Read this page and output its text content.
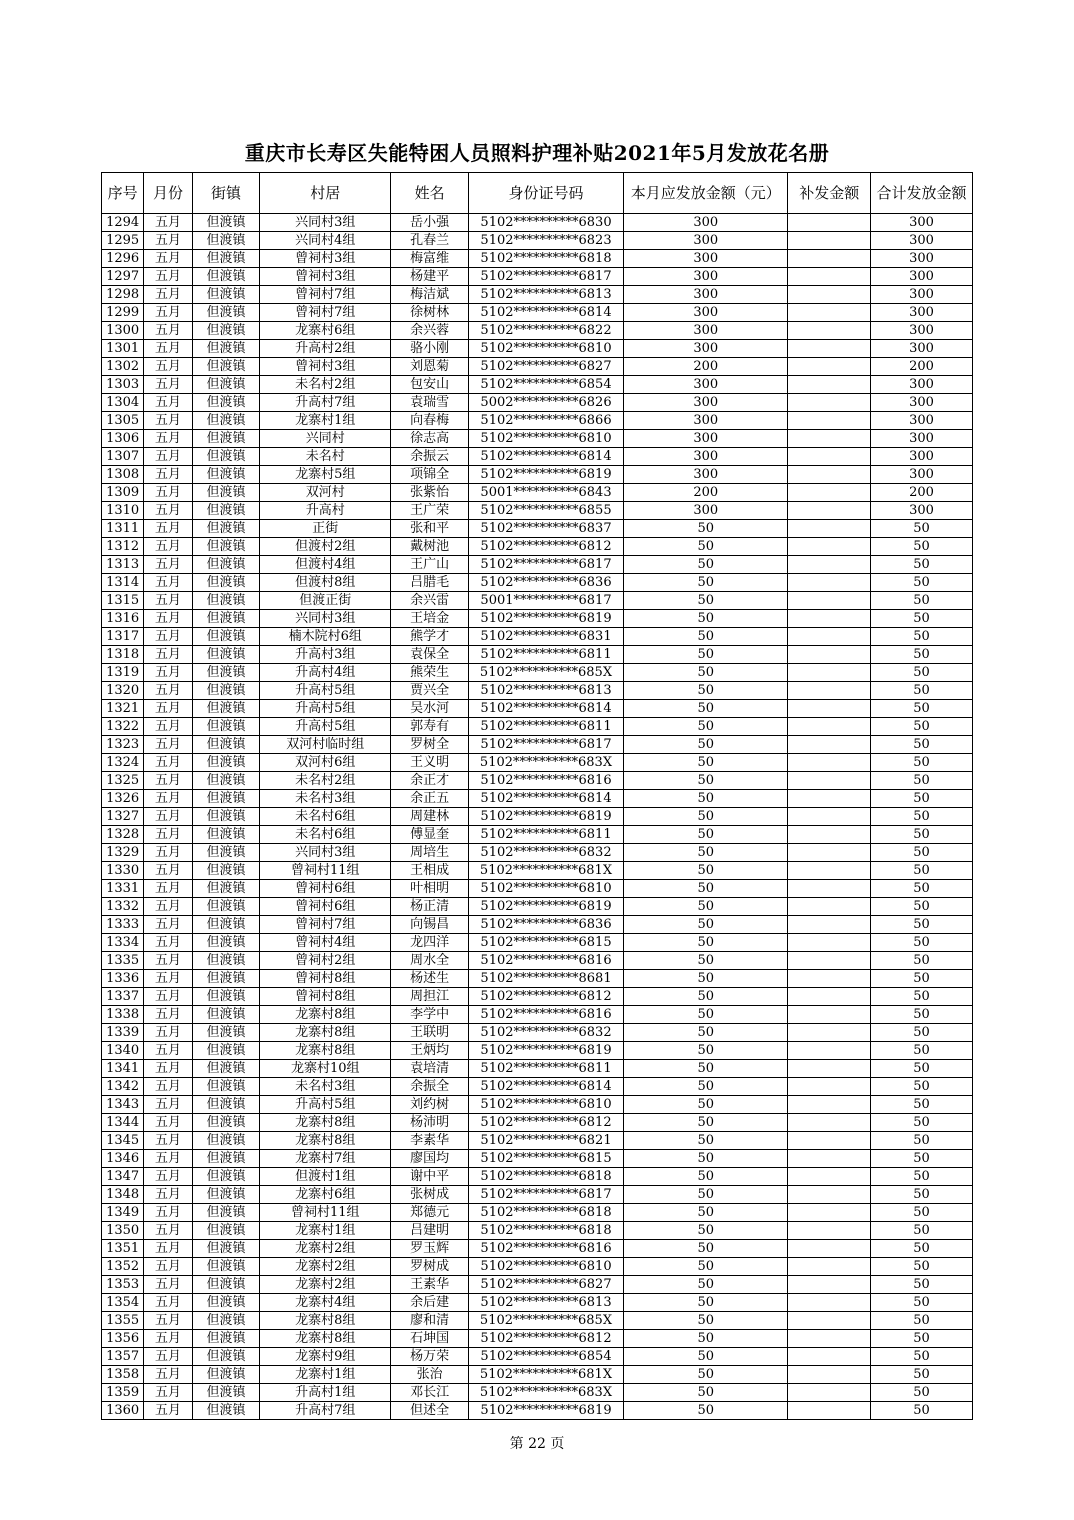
重庆市长寿区失能特困人员照料护理补贴2021年5月发放花名册
序号	月份	街镇	村居	姓名	身份证号码	本月应发放金额（元）	补发金额	合计发放金额
1294	五月	但渡镇	兴同村3组	岳小强	5102**********6830	300		300
1295	五月	但渡镇	兴同村4组	孔春兰	5102**********6823	300		300
1296	五月	但渡镇	曾祠村3组	梅富维	5102**********6818	300		300
1297	五月	但渡镇	曾祠村3组	杨建平	5102**********6817	300		300
1298	五月	但渡镇	曾祠村7组	梅洁斌	5102**********6813	300		300
1299	五月	但渡镇	曾祠村7组	徐树林	5102**********6814	300		300
1300	五月	但渡镇	龙寨村6组	余兴蓉	5102**********6822	300		300
1301	五月	但渡镇	升高村2组	骆小刚	5102**********6810	300		300
1302	五月	但渡镇	曾祠村3组	刘恩菊	5102**********6827	200		200
1303	五月	但渡镇	未名村2组	包安山	5102**********6854	300		300
1304	五月	但渡镇	升高村7组	袁瑞雪	5002**********6826	300		300
1305	五月	但渡镇	龙寨村1组	向春梅	5102**********6866	300		300
1306	五月	但渡镇	兴同村	徐志高	5102**********6810	300		300
1307	五月	但渡镇	未名村	余振云	5102**********6814	300		300
1308	五月	但渡镇	龙寨村5组	项锦全	5102**********6819	300		300
1309	五月	但渡镇	双河村	张紫怡	5001**********6843	200		200
1310	五月	但渡镇	升高村	王广荣	5102**********6855	300		300
1311	五月	但渡镇	正街	张和平	5102**********6837	50		50
1312	五月	但渡镇	但渡村2组	戴树池	5102**********6812	50		50
1313	五月	但渡镇	但渡村4组	王广山	5102**********6817	50		50
1314	五月	但渡镇	但渡村8组	吕腊毛	5102**********6836	50		50
1315	五月	但渡镇	但渡正街	余兴雷	5001**********6817	50		50
1316	五月	但渡镇	兴同村3组	王培金	5102**********6819	50		50
1317	五月	但渡镇	楠木院村6组	熊学才	5102**********6831	50		50
1318	五月	但渡镇	升高村3组	袁保全	5102**********6811	50		50
1319	五月	但渡镇	升高村4组	熊荣生	5102**********685X	50		50
1320	五月	但渡镇	升高村5组	贾兴全	5102**********6813	50		50
1321	五月	但渡镇	升高村5组	吴水河	5102**********6814	50		50
1322	五月	但渡镇	升高村5组	郭寿有	5102**********6811	50		50
1323	五月	但渡镇	双河村临时组	罗树全	5102**********6817	50		50
1324	五月	但渡镇	双河村6组	王义明	5102**********683X	50		50
1325	五月	但渡镇	未名村2组	余正才	5102**********6816	50		50
1326	五月	但渡镇	未名村3组	余正五	5102**********6814	50		50
1327	五月	但渡镇	未名村6组	周建林	5102**********6819	50		50
1328	五月	但渡镇	未名村6组	傅显奎	5102**********6811	50		50
1329	五月	但渡镇	兴同村3组	周培生	5102**********6832	50		50
1330	五月	但渡镇	曾祠村11组	王相成	5102**********681X	50		50
1331	五月	但渡镇	曾祠村6组	叶相明	5102**********6810	50		50
1332	五月	但渡镇	曾祠村6组	杨正清	5102**********6819	50		50
1333	五月	但渡镇	曾祠村7组	向锡昌	5102**********6836	50		50
1334	五月	但渡镇	曾祠村4组	龙四洋	5102**********6815	50		50
1335	五月	但渡镇	曾祠村2组	周水全	5102**********6816	50		50
1336	五月	但渡镇	曾祠村8组	杨述生	5102**********8681	50		50
1337	五月	但渡镇	曾祠村8组	周担江	5102**********6812	50		50
1338	五月	但渡镇	龙寨村8组	李学中	5102**********6816	50		50
1339	五月	但渡镇	龙寨村8组	王联明	5102**********6832	50		50
1340	五月	但渡镇	龙寨村8组	王炳均	5102**********6819	50		50
1341	五月	但渡镇	龙寨村10组	袁培清	5102**********6811	50		50
1342	五月	但渡镇	未名村3组	余振全	5102**********6814	50		50
1343	五月	但渡镇	升高村5组	刘约树	5102**********6810	50		50
1344	五月	但渡镇	龙寨村8组	杨沛明	5102**********6812	50		50
1345	五月	但渡镇	龙寨村8组	李素华	5102**********6821	50		50
1346	五月	但渡镇	龙寨村7组	廖国均	5102**********6815	50		50
1347	五月	但渡镇	但渡村1组	谢中平	5102**********6818	50		50
1348	五月	但渡镇	龙寨村6组	张树成	5102**********6817	50		50
1349	五月	但渡镇	曾祠村11组	郑德元	5102**********6818	50		50
1350	五月	但渡镇	龙寨村1组	吕建明	5102**********6818	50		50
1351	五月	但渡镇	龙寨村2组	罗玉辉	5102**********6816	50		50
1352	五月	但渡镇	龙寨村2组	罗树成	5102**********6810	50		50
1353	五月	但渡镇	龙寨村2组	王素华	5102**********6827	50		50
1354	五月	但渡镇	龙寨村4组	余后建	5102**********6813	50		50
1355	五月	但渡镇	龙寨村8组	廖和清	5102**********685X	50		50
1356	五月	但渡镇	龙寨村8组	石坤国	5102**********6812	50		50
1357	五月	但渡镇	龙寨村9组	杨万荣	5102**********6854	50		50
1358	五月	但渡镇	龙寨村1组	张治	5102**********681X	50		50
1359	五月	但渡镇	升高村1组	邓长江	5102**********683X	50		50
1360	五月	但渡镇	升高村7组	但述全	5102**********6819	50		50
第 22 页
